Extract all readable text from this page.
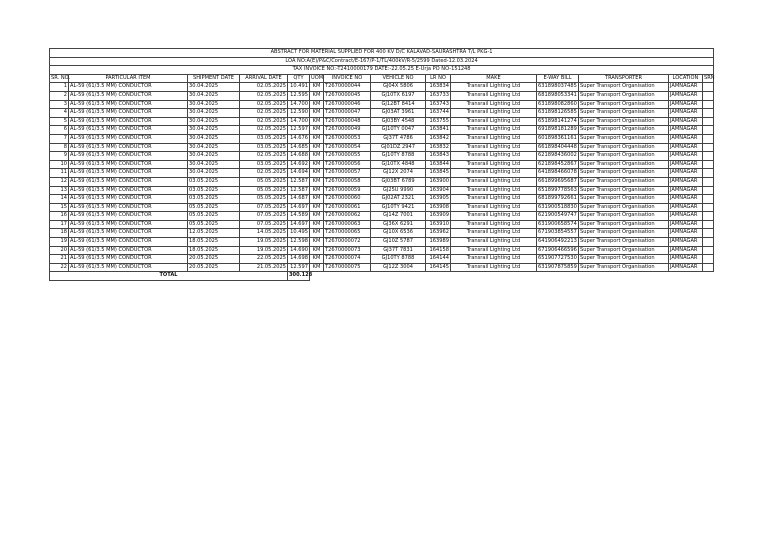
ABSTRACT FOR MATERIAL SUPPLIED FOR 400 KV D/C KALAVAD-SAURASHTRA T/L PKG-1													
LOA NO:A(E)/P&C/Contract/E-167/P-1/TL/400kV/R-5/2599 Dated-12.03.2024													
TAX INVOICE NO:-T2410000179 DATE:-22.05.25 E-Urja PO NO-151248													
SR. NO.	PARTICULAR ITEM	SHIPMENT DATE	ARRIVAL DATE	QTY	UOM	INVOICE NO	VEHICLE NO	LR NO	MAKE	E-WAY BILL	TRANSPORTER	LOCATION	SRN
1	AL-59 (61/3.5 MM) CONDUCTOR	30.04.2025	02.05.2025	10.491	KM	T2670000044	GJ04X 5806	163834	Transrail Lighting Ltd	631898037485	Super Transport Organisation	JAMNAGAR	
2	AL-59 (61/3.5 MM) CONDUCTOR	30.04.2025	02.05.2025	12.595	KM	T2670000045	GJ10TX 6197	163733	Transrail Lighting Ltd	681898053341	Super Transport Organisation	JAMNAGAR	
3	AL-59 (61/3.5 MM) CONDUCTOR	30.04.2025	02.05.2025	14.700	KM	T2670000046	GJ12BT 8414	163743	Transrail Lighting Ltd	631898082860	Super Transport Organisation	JAMNAGAR	
4	AL-59 (61/3.5 MM) CONDUCTOR	30.04.2025	02.05.2025	12.590	KM	T2670000047	GJ03AT 3961	163744	Transrail Lighting Ltd	631898126585	Super Transport Organisation	JAMNAGAR	
5	AL-59 (61/3.5 MM) CONDUCTOR	30.04.2025	02.05.2025	14.700	KM	T2670000048	GJ03BY 4548	163755	Transrail Lighting Ltd	651898141274	Super Transport Organisation	JAMNAGAR	
6	AL-59 (61/3.5 MM) CONDUCTOR	30.04.2025	02.05.2025	12.597	KM	T2670000049	GJ10TY 0047	163841	Transrail Lighting Ltd	691898181289	Super Transport Organisation	JAMNAGAR	
7	AL-59 (61/3.5 MM) CONDUCTOR	30.04.2025	03.05.2025	14.676	KM	T2670000053	GJ37T 4786	163842	Transrail Lighting Ltd	601898361161	Super Transport Organisation	JAMNAGAR	
8	AL-59 (61/3.5 MM) CONDUCTOR	30.04.2025	03.05.2025	14.685	KM	T2670000054	GJ01DZ 2947	163832	Transrail Lighting Ltd	661898404448	Super Transport Organisation	JAMNAGAR	
9	AL-59 (61/3.5 MM) CONDUCTOR	30.04.2025	02.05.2025	14.688	KM	T2670000055	GJ10TY 8788	163843	Transrail Lighting Ltd	621898436002	Super Transport Organisation	JAMNAGAR	
10	AL-59 (61/3.5 MM) CONDUCTOR	30.04.2025	03.05.2025	14.692	KM	T2670000056	GJ10TX 4848	163844	Transrail Lighting Ltd	621898452867	Super Transport Organisation	JAMNAGAR	
11	AL-59 (61/3.5 MM) CONDUCTOR	30.04.2025	02.05.2025	14.694	KM	T2670000057	GJ12X 2074	163845	Transrail Lighting Ltd	641898466078	Super Transport Organisation	JAMNAGAR	
12	AL-59 (61/3.5 MM) CONDUCTOR	03.05.2025	05.05.2025	12.587	KM	T2670000058	GJ03BT 6789	163900	Transrail Lighting Ltd	661899695687	Super Transport Organisation	JAMNAGAR	
13	AL-59 (61/3.5 MM) CONDUCTOR	03.05.2025	05.05.2025	12.587	KM	T2670000059	GJ25U 9990	163904	Transrail Lighting Ltd	651899778563	Super Transport Organisation	JAMNAGAR	
14	AL-59 (61/3.5 MM) CONDUCTOR	03.05.2025	05.05.2025	14.687	KM	T2670000060	GJ02AT 2321	163905	Transrail Lighting Ltd	681899792661	Super Transport Organisation	JAMNAGAR	
15	AL-59 (61/3.5 MM) CONDUCTOR	05.05.2025	07.05.2025	14.697	KM	T2670000061	GJ10TY 9421	163908	Transrail Lighting Ltd	631900518830	Super Transport Organisation	JAMNAGAR	
16	AL-59 (61/3.5 MM) CONDUCTOR	05.05.2025	07.05.2025	14.589	KM	T2670000062	GJ14Z 7001	163909	Transrail Lighting Ltd	621900549747	Super Transport Organisation	JAMNAGAR	
17	AL-59 (61/3.5 MM) CONDUCTOR	05.05.2025	07.05.2025	14.697	KM	T2670000063	GJ36X 6291	163910	Transrail Lighting Ltd	631900658574	Super Transport Organisation	JAMNAGAR	
18	AL-59 (61/3.5 MM) CONDUCTOR	12.05.2025	14.05.2025	10.495	KM	T2670000065	GJ10X 6536	163962	Transrail Lighting Ltd	671903854557	Super Transport Organisation	JAMNAGAR	
19	AL-59 (61/3.5 MM) CONDUCTOR	18.05.2025	19.05.2025	12.598	KM	T2670000072	GJ10Z 5787	163989	Transrail Lighting Ltd	641906492213	Super Transport Organisation	JAMNAGAR	
20	AL-59 (61/3.5 MM) CONDUCTOR	18.05.2025	19.05.2025	14.690	KM	T2670000073	GJ37T 7831	164158	Transrail Lighting Ltd	671906466596	Super Transport Organisation	JAMNAGAR	
21	AL-59 (61/3.5 MM) CONDUCTOR	20.05.2025	22.05.2025	14.698	KM	T2670000074	GJ10TY 8788	164144	Transrail Lighting Ltd	651907727530	Super Transport Organisation	JAMNAGAR	
22	AL-59 (61/3.5 MM) CONDUCTOR	20.05.2025	21.05.2025	12.597	KM	T2670000075	GJ12Z 3004	164145	Transrail Lighting Ltd	631907875859	Super Transport Organisation	JAMNAGAR	
TOTAL				300.128									
